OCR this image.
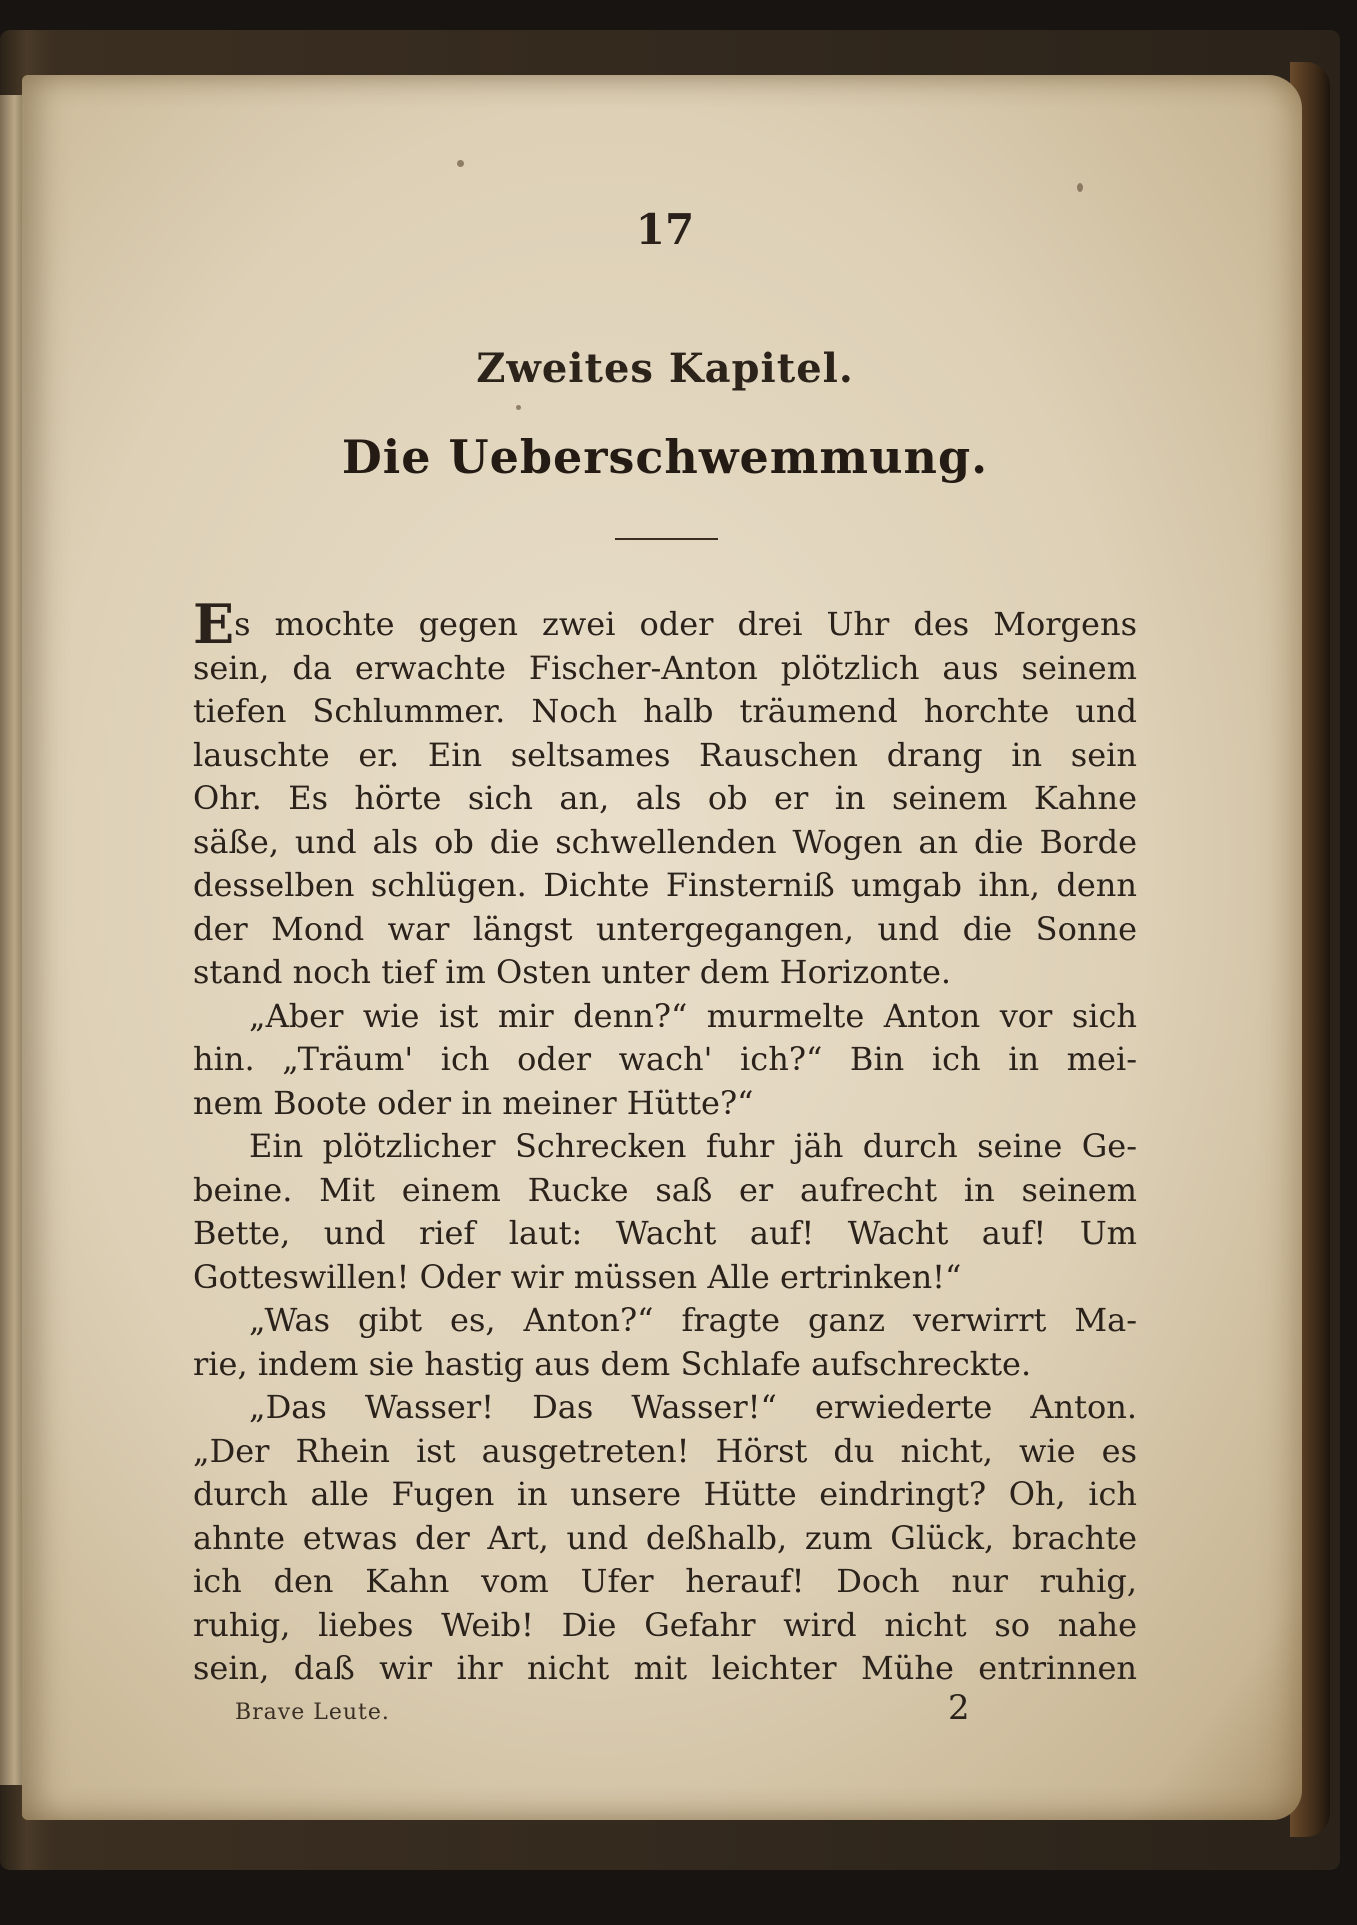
17
Zweites Kapitel.
Die Ueberschwemmung.
Es mochte gegen zwei oder drei Uhr des Morgens
sein, da erwachte Fischer-Anton plötzlich aus seinem
tiefen Schlummer. Noch halb träumend horchte und
lauschte er. Ein seltsames Rauschen drang in sein
Ohr. Es hörte sich an, als ob er in seinem Kahne
säße, und als ob die schwellenden Wogen an die Borde
desselben schlügen. Dichte Finsterniß umgab ihn, denn
der Mond war längst untergegangen, und die Sonne
stand noch tief im Osten unter dem Horizonte.
„Aber wie ist mir denn?“ murmelte Anton vor sich
hin. „Träum' ich oder wach' ich?“ Bin ich in mei-
nem Boote oder in meiner Hütte?“
Ein plötzlicher Schrecken fuhr jäh durch seine Ge-
beine. Mit einem Rucke saß er aufrecht in seinem
Bette, und rief laut: Wacht auf! Wacht auf! Um
Gotteswillen! Oder wir müssen Alle ertrinken!“
„Was gibt es, Anton?“ fragte ganz verwirrt Ma-
rie, indem sie hastig aus dem Schlafe aufschreckte.
„Das Wasser! Das Wasser!“ erwiederte Anton.
„Der Rhein ist ausgetreten! Hörst du nicht, wie es
durch alle Fugen in unsere Hütte eindringt? Oh, ich
ahnte etwas der Art, und deßhalb, zum Glück, brachte
ich den Kahn vom Ufer herauf! Doch nur ruhig,
ruhig, liebes Weib! Die Gefahr wird nicht so nahe
sein, daß wir ihr nicht mit leichter Mühe entrinnen
Brave Leute.	2
